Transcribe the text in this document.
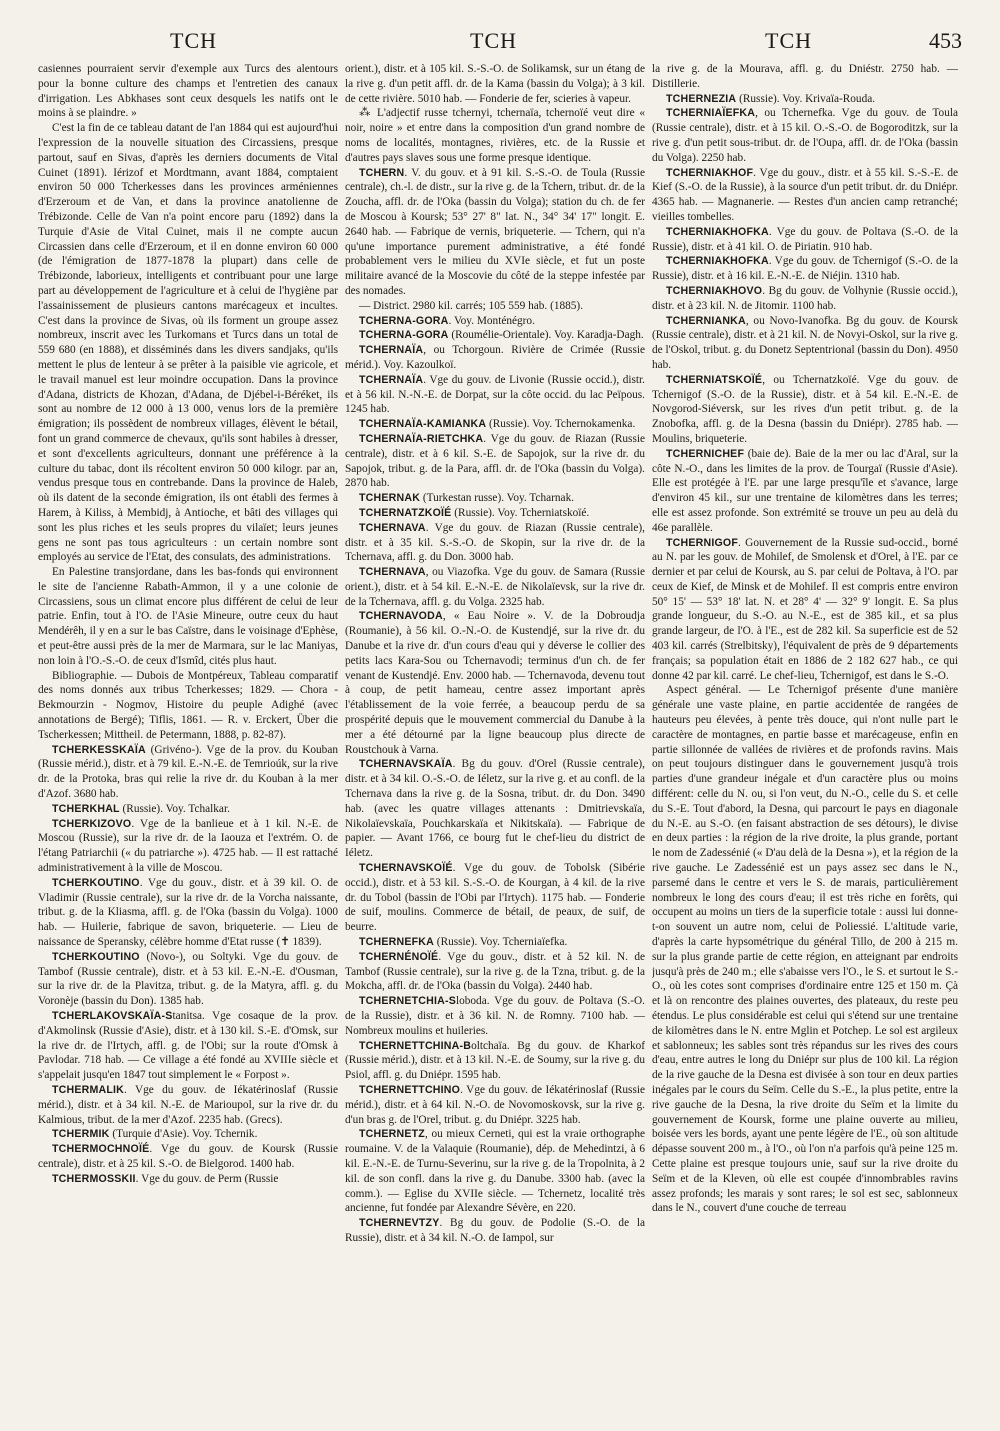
TCH	TCH	TCH	453

casiennes pourraient servir d'exemple aux Turcs des alentours pour la bonne culture des champs et l'entretien des canaux d'irrigation. Les Abkhases sont ceux desquels les natifs ont le moins à se plaindre. »

C'est la fin de ce tableau datant de l'an 1884 qui est aujourd'hui l'expression de la nouvelle situation des Circassiens, presque partout, sauf en Sivas, d'après les derniers documents de Vital Cuinet (1891). Iérizof et Mordtmann, avant 1884, comptaient environ 50 000 Tcherkesses dans les provinces arméniennes d'Erzeroum et de Van, et dans la province anatolienne de Trébizonde. Celle de Van n'a point encore paru (1892) dans la Turquie d'Asie de Vital Cuinet, mais il ne compte aucun Circassien dans celle d'Erzeroum, et il en donne environ 60 000 (de l'émigration de 1877-1878 la plupart) dans celle de Trébizonde, laborieux, intelligents et contribuant pour une large part au développement de l'agriculture et à celui de l'hygiène par l'assainissement de plusieurs cantons marécageux et incultes. C'est dans la province de Sivas, où ils forment un groupe assez nombreux, inscrit avec les Turkomans et Turcs dans un total de 559 680 (en 1888), et disséminés dans les divers sandjaks, qu'ils mettent le plus de lenteur à se prêter à la paisible vie agricole, et le travail manuel est leur moindre occupation. Dans la province d'Adana, districts de Khozan, d'Adana, de Djébel-i-Béréket, ils sont au nombre de 12 000 à 13 000, venus lors de la première émigration; ils possèdent de nombreux villages, élèvent le bétail, font un grand commerce de chevaux, qu'ils sont habiles à dresser, et sont d'excellents agriculteurs, donnant une préférence à la culture du tabac, dont ils récoltent environ 50 000 kilogr. par an, vendus presque tous en contrebande. Dans la province de Haleb, où ils datent de la seconde émigration, ils ont établi des fermes à Harem, à Kiliss, à Membidj, à Antioche, et bâti des villages qui sont les plus riches et les seuls propres du vilaïet; leurs jeunes gens ne sont pas tous agriculteurs : un certain nombre sont employés au service de l'Etat, des consulats, des administrations.

En Palestine transjordane, dans les bas-fonds qui environnent le site de l'ancienne Rabath-Ammon, il y a une colonie de Circassiens, sous un climat encore plus différent de celui de leur patrie. Enfin, tout à l'O. de l'Asie Mineure, outre ceux du haut Mendérêh, il y en a sur le bas Caïstre, dans le voisinage d'Ephèse, et peut-être aussi près de la mer de Marmara, sur le lac Maniyas, non loin à l'O.-S.-O. de ceux d'Ismîd, cités plus haut.

Bibliographie. — Dubois de Montpéreux, Tableau comparatif des noms donnés aux tribus Tcherkesses; 1829. — Chora - Bekmourzin - Nogmov, Histoire du peuple Adighé (avec annotations de Bergé); Tiflis, 1861. — R. v. Erckert, Über die Tscherkessen; Mittheil. de Petermann, 1888, p. 82-87).

TCHERKESSKAÏA (Grivéno-). Vge de la prov. du Kouban (Russie mérid.), distr. et à 79 kil. E.-N.-E. de Temrioúk, sur la rive dr. de la Protoka, bras qui relie la rive dr. du Kouban à la mer d'Azof. 3680 hab.

TCHERKHAL (Russie). Voy. Tchalkar.

TCHERKIZOVO. Vge de la banlieue et à 1 kil. N.-E. de Moscou (Russie), sur la rive dr. de la Iaouza et l'extrém. O. de l'étang Patriarchii (« du patriarche »). 4725 hab. — Il est rattaché administrativement à la ville de Moscou.

TCHERKOUTINO. Vge du gouv., distr. et à 39 kil. O. de Vladimir (Russie centrale), sur la rive dr. de la Vorcha naissante, tribut. g. de la Kliasma, affl. g. de l'Oka (bassin du Volga). 1000 hab. — Huilerie, fabrique de savon, briqueterie. — Lieu de naissance de Speransky, célèbre homme d'Etat russe (✝ 1839).

TCHERKOUTINO (Novo-), ou Soltyki. Vge du gouv. de Tambof (Russie centrale), distr. et à 53 kil. E.-N.-E. d'Ousman, sur la rive dr. de la Plavitza, tribut. g. de la Matyra, affl. g. du Voronèje (bassin du Don). 1385 hab.

TCHERLAKOVSKAÏA-Stanitsa. Vge cosaque de la prov. d'Akmolinsk (Russie d'Asie), distr. et à 130 kil. S.-E. d'Omsk, sur la rive dr. de l'Irtych, affl. g. de l'Obi; sur la route d'Omsk à Pavlodar. 718 hab. — Ce village a été fondé au XVIIIe siècle et s'appelait jusqu'en 1847 tout simplement le « Forpost ».

TCHERMALIK. Vge du gouv. de Iékatérinoslaf (Russie mérid.), distr. et à 34 kil. N.-E. de Marioupol, sur la rive dr. du Kalmious, tribut. de la mer d'Azof. 2235 hab. (Grecs).

TCHERMIK (Turquie d'Asie). Voy. Tchernik.

TCHERMOCHNOÏÉ. Vge du gouv. de Koursk (Russie centrale), distr. et à 25 kil. S.-O. de Bielgorod. 1400 hab.

TCHERMOSSKII. Vge du gouv. de Perm (Russie

orient.), distr. et à 105 kil. S.-S.-O. de Solikamsk, sur un étang de la rive g. d'un petit affl. dr. de la Kama (bassin du Volga); à 3 kil. de cette rivière. 5010 hab. — Fonderie de fer, scieries à vapeur.

⁂ L'adjectif russe tchernyi, tchernaïa, tchernoïé veut dire « noir, noire » et entre dans la composition d'un grand nombre de noms de localités, montagnes, rivières, etc. de la Russie et d'autres pays slaves sous une forme presque identique.

TCHERN. V. du gouv. et à 91 kil. S.-S.-O. de Toula (Russie centrale), ch.-l. de distr., sur la rive g. de la Tchern, tribut. dr. de la Zoucha, affl. dr. de l'Oka (bassin du Volga); station du ch. de fer de Moscou à Koursk; 53° 27' 8" lat. N., 34° 34' 17" longit. E. 2640 hab. — Fabrique de vernis, briqueterie. — Tchern, qui n'a qu'une importance purement administrative, a été fondé probablement vers le milieu du XVIe siècle, et fut un poste militaire avancé de la Moscovie du côté de la steppe infestée par des nomades.

— District. 2980 kil. carrés; 105 559 hab. (1885).

TCHERNA-GORA. Voy. Monténégro.

TCHERNA-GORA (Roumélie-Orientale). Voy. Karadja-Dagh.

TCHERNAÏA, ou Tchorgoun. Rivière de Crimée (Russie mérid.). Voy. Kazoulkoï.

TCHERNAÏA. Vge du gouv. de Livonie (Russie occid.), distr. et à 56 kil. N.-N.-E. de Dorpat, sur la côte occid. du lac Peïpous. 1245 hab.

TCHERNAÏA-KAMIANKA (Russie). Voy. Tchernokamenka.

TCHERNAÏA-RIETCHKA. Vge du gouv. de Riazan (Russie centrale), distr. et à 6 kil. S.-E. de Sapojok, sur la rive dr. du Sapojok, tribut. g. de la Para, affl. dr. de l'Oka (bassin du Volga). 2870 hab.

TCHERNAK (Turkestan russe). Voy. Tcharnak.

TCHERNATZKOÏÉ (Russie). Voy. Tcherniatskoïé.

TCHERNAVA. Vge du gouv. de Riazan (Russie centrale), distr. et à 35 kil. S.-S.-O. de Skopin, sur la rive dr. de la Tchernava, affl. g. du Don. 3000 hab.

TCHERNAVA, ou Viazofka. Vge du gouv. de Samara (Russie orient.), distr. et à 54 kil. E.-N.-E. de Nikolaïevsk, sur la rive dr. de la Tchernava, affl. g. du Volga. 2325 hab.

TCHERNAVODA, « Eau Noire ». V. de la Dobroudja (Roumanie), à 56 kil. O.-N.-O. de Kustendjé, sur la rive dr. du Danube et la rive dr. d'un cours d'eau qui y déverse le collier des petits lacs Kara-Sou ou Tchernavodi; terminus d'un ch. de fer venant de Kustendjé. Env. 2000 hab. — Tchernavoda, devenu tout à coup, de petit hameau, centre assez important après l'établissement de la voie ferrée, a beaucoup perdu de sa prospérité depuis que le mouvement commercial du Danube à la mer a été détourné par la ligne beaucoup plus directe de Roustchouk à Varna.

TCHERNAVSKAÏA. Bg du gouv. d'Orel (Russie centrale), distr. et à 34 kil. O.-S.-O. de Iéletz, sur la rive g. et au confl. de la Tchernava dans la rive g. de la Sosna, tribut. dr. du Don. 3490 hab. (avec les quatre villages attenants : Dmitrievskaïa, Nikolaïevskaïa, Pouchkarskaïa et Nikitskaïa). — Fabrique de papier. — Avant 1766, ce bourg fut le chef-lieu du district de Iéletz.

TCHERNAVSKOÏÉ. Vge du gouv. de Tobolsk (Sibérie occid.), distr. et à 53 kil. S.-S.-O. de Kourgan, à 4 kil. de la rive dr. du Tobol (bassin de l'Obi par l'Irtych). 1175 hab. — Fonderie de suif, moulins. Commerce de bétail, de peaux, de suif, de beurre.

TCHERNEFKA (Russie). Voy. Tcherniaïefka.

TCHERNÉNOÏÉ. Vge du gouv., distr. et à 52 kil. N. de Tambof (Russie centrale), sur la rive g. de la Tzna, tribut. g. de la Mokcha, affl. dr. de l'Oka (bassin du Volga). 2440 hab.

TCHERNETCHIA-Sloboda. Vge du gouv. de Poltava (S.-O. de la Russie), distr. et à 36 kil. N. de Romny. 7100 hab. — Nombreux moulins et huileries.

TCHERNETTCHINA-Boltchaïa. Bg du gouv. de Kharkof (Russie mérid.), distr. et à 13 kil. N.-E. de Soumy, sur la rive g. du Psiol, affl. g. du Dniépr. 1595 hab.

TCHERNETTCHINO. Vge du gouv. de Iékatérinoslaf (Russie mérid.), distr. et à 64 kil. N.-O. de Novomoskovsk, sur la rive g. d'un bras g. de l'Orel, tribut. g. du Dniépr. 3225 hab.

TCHERNETZ, ou mieux Cerneti, qui est la vraie orthographe roumaine. V. de la Valaquie (Roumanie), dép. de Mehedintzi, à 6 kil. E.-N.-E. de Turnu-Severinu, sur la rive g. de la Tropolnita, à 2 kil. de son confl. dans la rive g. du Danube. 3300 hab. (avec la comm.). — Eglise du XVIIe siècle. — Tchernetz, localité très ancienne, fut fondée par Alexandre Sévère, en 220.

TCHERNEVTZY. Bg du gouv. de Podolie (S.-O. de la Russie), distr. et à 34 kil. N.-O. de Iampol, sur

la rive g. de la Mourava, affl. g. du Dniéstr. 2750 hab. — Distillerie.

TCHERNEZIA (Russie). Voy. Krivaïa-Rouda.

TCHERNIAÏEFKA, ou Tchernefka. Vge du gouv. de Toula (Russie centrale), distr. et à 15 kil. O.-S.-O. de Bogoroditzk, sur la rive g. d'un petit sous-tribut. dr. de l'Oupa, affl. dr. de l'Oka (bassin du Volga). 2250 hab.

TCHERNIAKHOF. Vge du gouv., distr. et à 55 kil. S.-S.-E. de Kief (S.-O. de la Russie), à la source d'un petit tribut. dr. du Dniépr. 4365 hab. — Magnanerie. — Restes d'un ancien camp retranché; vieilles tombelles.

TCHERNIAKHOFKA. Vge du gouv. de Poltava (S.-O. de la Russie), distr. et à 41 kil. O. de Piriatin. 910 hab.

TCHERNIAKHOFKA. Vge du gouv. de Tchernigof (S.-O. de la Russie), distr. et à 16 kil. E.-N.-E. de Niéjin. 1310 hab.

TCHERNIAKHOVO. Bg du gouv. de Volhynie (Russie occid.), distr. et à 23 kil. N. de Jitomir. 1100 hab.

TCHERNIANKA, ou Novo-Ivanofka. Bg du gouv. de Koursk (Russie centrale), distr. et à 21 kil. N. de Novyi-Oskol, sur la rive g. de l'Oskol, tribut. g. du Donetz Septentrional (bassin du Don). 4950 hab.

TCHERNIATSKOÏÉ, ou Tchernatzkoïé. Vge du gouv. de Tchernigof (S.-O. de la Russie), distr. et à 54 kil. E.-N.-E. de Novgorod-Siéversk, sur les rives d'un petit tribut. g. de la Znobofka, affl. g. de la Desna (bassin du Dniépr). 2785 hab. — Moulins, briqueterie.

TCHERNICHEF (baie de). Baie de la mer ou lac d'Aral, sur la côte N.-O., dans les limites de la prov. de Tourgaï (Russie d'Asie). Elle est protégée à l'E. par une large presqu'île et s'avance, large d'environ 45 kil., sur une trentaine de kilomètres dans les terres; elle est assez profonde. Son extrémité se trouve un peu au delà du 46e parallèle.

TCHERNIGOF. Gouvernement de la Russie sud-occid., borné au N. par les gouv. de Mohilef, de Smolensk et d'Orel, à l'E. par ce dernier et par celui de Koursk, au S. par celui de Poltava, à l'O. par ceux de Kief, de Minsk et de Mohilef. Il est compris entre environ 50° 15' — 53° 18' lat. N. et 28° 4' — 32° 9' longit. E. Sa plus grande longueur, du S.-O. au N.-E., est de 385 kil., et sa plus grande largeur, de l'O. à l'E., est de 282 kil. Sa superficie est de 52 403 kil. carrés (Strelbitsky), l'équivalent de près de 9 départements français; sa population était en 1886 de 2 182 627 hab., ce qui donne 42 par kil. carré. Le chef-lieu, Tchernigof, est dans le S.-O.

Aspect général. — Le Tchernigof présente d'une manière générale une vaste plaine, en partie accidentée de rangées de hauteurs peu élevées, à pente très douce, qui n'ont nulle part le caractère de montagnes, en partie basse et marécageuse, enfin en partie sillonnée de vallées de rivières et de profonds ravins. Mais on peut toujours distinguer dans le gouvernement jusqu'à trois parties d'une grandeur inégale et d'un caractère plus ou moins différent: celle du N. ou, si l'on veut, du N.-O., celle du S. et celle du S.-E. Tout d'abord, la Desna, qui parcourt le pays en diagonale du N.-E. au S.-O. (en faisant abstraction de ses détours), le divise en deux parties : la région de la rive droite, la plus grande, portant le nom de Zadessénié (« D'au delà de la Desna »), et la région de la rive gauche. Le Zadessénié est un pays assez sec dans le N., parsemé dans le centre et vers le S. de marais, particulièrement nombreux le long des cours d'eau; il est très riche en forêts, qui occupent au moins un tiers de la superficie totale : aussi lui donne-t-on souvent un autre nom, celui de Poliessié. L'altitude varie, d'après la carte hypsométrique du général Tillo, de 200 à 215 m. sur la plus grande partie de cette région, en atteignant par endroits jusqu'à près de 240 m.; elle s'abaisse vers l'O., le S. et surtout le S.-O., où les cotes sont comprises d'ordinaire entre 125 et 150 m. Çà et là on rencontre des plaines ouvertes, des plateaux, du reste peu étendus. Le plus considérable est celui qui s'étend sur une trentaine de kilomètres dans le N. entre Mglin et Potchep. Le sol est argileux et sablonneux; les sables sont très répandus sur les rives des cours d'eau, entre autres le long du Dniépr sur plus de 100 kil. La région de la rive gauche de la Desna est divisée à son tour en deux parties inégales par le cours du Seïm. Celle du S.-E., la plus petite, entre la rive gauche de la Desna, la rive droite du Seïm et la limite du gouvernement de Koursk, forme une plaine ouverte au milieu, boisée vers les bords, ayant une pente légère de l'E., où son altitude dépasse souvent 200 m., à l'O., où l'on n'a parfois qu'à peine 125 m. Cette plaine est presque toujours unie, sauf sur la rive droite du Seïm et de la Kleven, où elle est coupée d'innombrables ravins assez profonds; les marais y sont rares; le sol est sec, sablonneux dans le N., couvert d'une couche de terreau
